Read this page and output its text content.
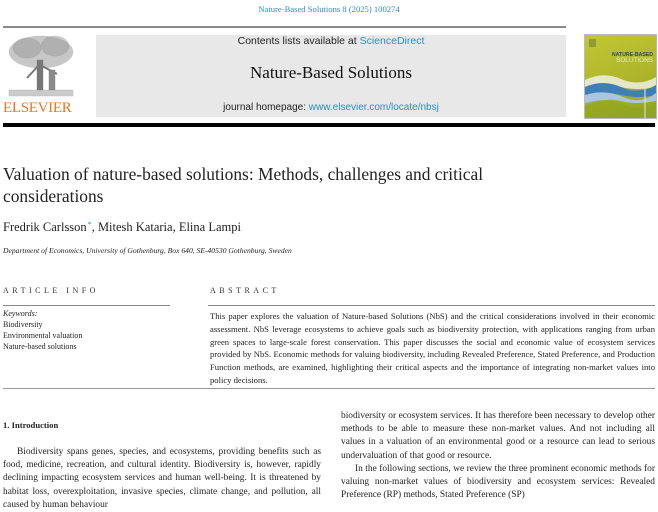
Nature-Based Solutions 8 (2025) 100274
ELSEVIER
Contents lists available at ScienceDirect
Nature-Based Solutions
journal homepage: www.elsevier.com/locate/nbsj
NATURE-BASED
SOLUTIONS
Valuation of nature-based solutions: Methods, challenges and critical considerations
Fredrik Carlsson*, Mitesh Kataria, Elina Lampi
Department of Economics, University of Gothenburg, Box 640, SE-40530 Gothenburg, Sweden
ARTICLE INFO	ABSTRACT
Keywords:
Biodiversity
Environmental valuation
Nature-based solutions
This paper explores the valuation of Nature-based Solutions (NbS) and the critical considerations involved in their economic assessment. NbS leverage ecosystems to achieve goals such as biodiversity protection, with applications ranging from urban green spaces to large-scale forest conservation. This paper discusses the social and economic value of ecosystem services provided by NbS. Economic methods for valuing biodiversity, including Revealed Preference, Stated Preference, and Production Function methods, are examined, highlighting their critical aspects and the importance of integrating non-market values into policy decisions.
1. Introduction

Biodiversity spans genes, species, and ecosystems, providing benefits such as food, medicine, recreation, and cultural identity. Biodiversity is, however, rapidly declining impacting ecosystem services and human well-being. It is threatened by habitat loss, overexploitation, invasive species, climate change, and pollution, all caused by human behaviour

biodiversity or ecosystem services. It has therefore been necessary to develop other methods to be able to measure these non-market values. And not including all values in a valuation of an environmental good or a resource can lead to serious undervaluation of that good or resource.

In the following sections, we review the three prominent economic methods for valuing non-market values of biodiversity and ecosystem services: Revealed Preference (RP) methods, Stated Preference (SP)
